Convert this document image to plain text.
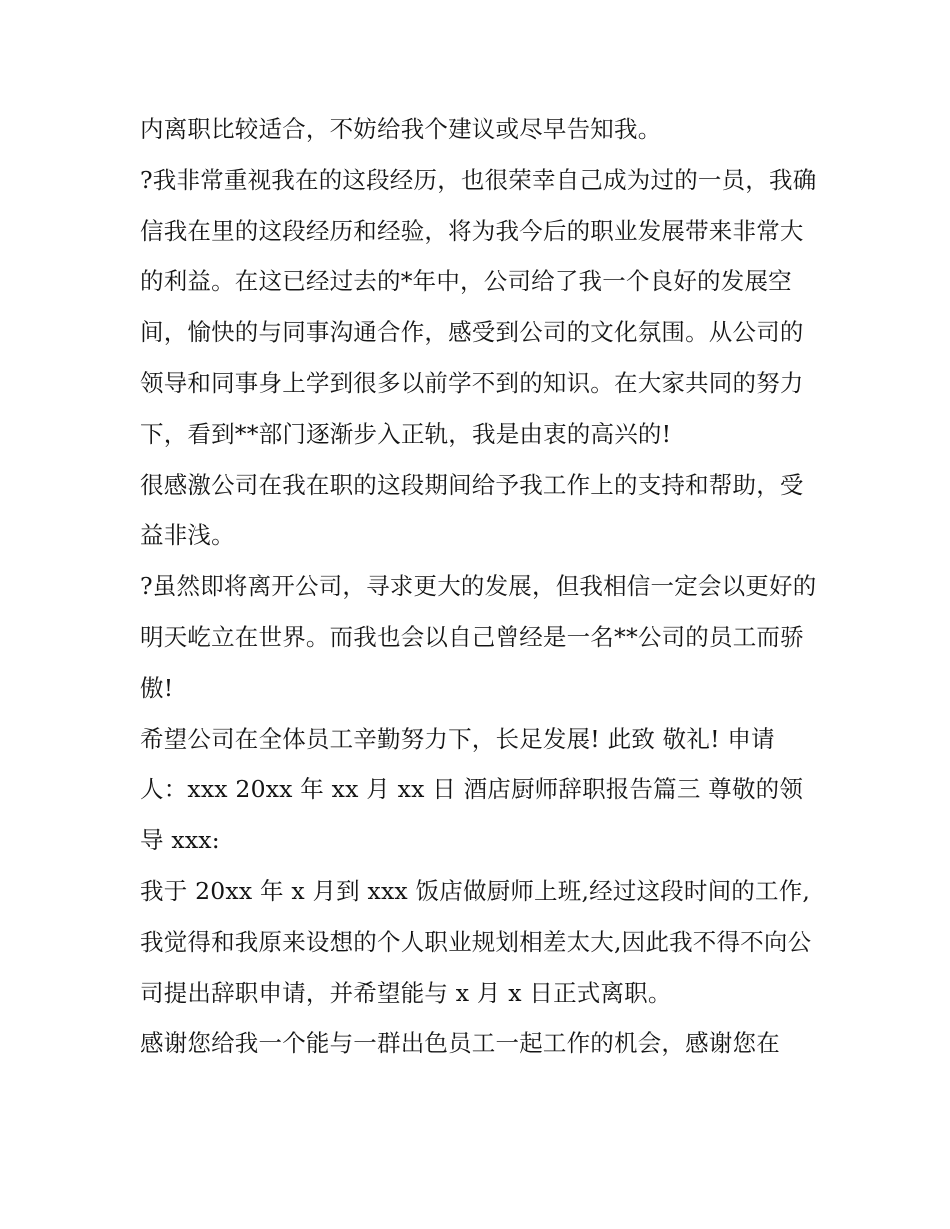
内离职比较适合，不妨给我个建议或尽早告知我。

?我非常重视我在的这段经历，也很荣幸自己成为过的一员，我确信我在里的这段经历和经验，将为我今后的职业发展带来非常大的利益。在这已经过去的*年中，公司给了我一个良好的发展空间，愉快的与同事沟通合作，感受到公司的文化氛围。从公司的领导和同事身上学到很多以前学不到的知识。在大家共同的努力下，看到**部门逐渐步入正轨，我是由衷的高兴的!

很感激公司在我在职的这段期间给予我工作上的支持和帮助，受益非浅。

?虽然即将离开公司，寻求更大的发展，但我相信一定会以更好的明天屹立在世界。而我也会以自己曾经是一名**公司的员工而骄傲!

希望公司在全体员工辛勤努力下，长足发展! 此致 敬礼! 申请人：xxx 20xx 年 xx 月 xx 日 酒店厨师辞职报告篇三 尊敬的领导 xxx:

我于 20xx 年 x 月到 xxx 饭店做厨师上班,经过这段时间的工作,我觉得和我原来设想的个人职业规划相差太大,因此我不得不向公司提出辞职申请，并希望能与 x 月 x 日正式离职。

感谢您给我一个能与一群出色员工一起工作的机会，感谢您在
